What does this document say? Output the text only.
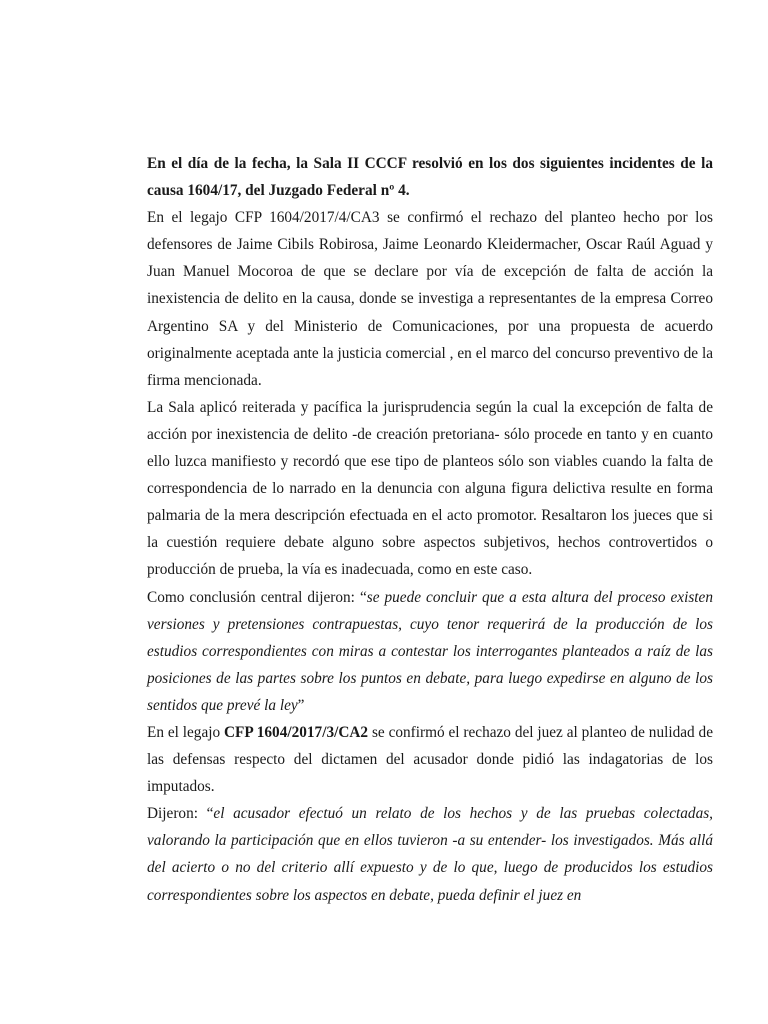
En el día de la fecha, la Sala II CCCF resolvió en los dos siguientes incidentes de la causa 1604/17, del Juzgado Federal nº 4.

En el legajo CFP 1604/2017/4/CA3 se confirmó el rechazo del planteo hecho por los defensores de Jaime Cibils Robirosa, Jaime Leonardo Kleidermacher, Oscar Raúl Aguad y Juan Manuel Mocoroa de que se declare por vía de excepción de falta de acción la inexistencia de delito en la causa, donde se investiga a representantes de la empresa Correo Argentino SA y del Ministerio de Comunicaciones, por una propuesta de acuerdo originalmente aceptada ante la justicia comercial , en el marco del concurso preventivo de la firma mencionada.

La Sala aplicó reiterada y pacífica la jurisprudencia según la cual la excepción de falta de acción por inexistencia de delito -de creación pretoriana- sólo procede en tanto y en cuanto ello luzca manifiesto y recordó que ese tipo de planteos sólo son viables cuando la falta de correspondencia de lo narrado en la denuncia con alguna figura delictiva resulte en forma palmaria de la mera descripción efectuada en el acto promotor. Resaltaron los jueces que si la cuestión requiere debate alguno sobre aspectos subjetivos, hechos controvertidos o producción de prueba, la vía es inadecuada, como en este caso.

Como conclusión central dijeron: “se puede concluir que a esta altura del proceso existen versiones y pretensiones contrapuestas, cuyo tenor requerirá de la producción de los estudios correspondientes con miras a contestar los interrogantes planteados a raíz de las posiciones de las partes sobre los puntos en debate, para luego expedirse en alguno de los sentidos que prevé la ley”

En el legajo CFP 1604/2017/3/CA2 se confirmó el rechazo del juez al planteo de nulidad de las defensas respecto del dictamen del acusador donde pidió las indagatorias de los imputados.

Dijeron: “el acusador efectuó un relato de los hechos y de las pruebas colectadas, valorando la participación que en ellos tuvieron -a su entender- los investigados. Más allá del acierto o no del criterio allí expuesto y de lo que, luego de producidos los estudios correspondientes sobre los aspectos en debate, pueda definir el juez en
